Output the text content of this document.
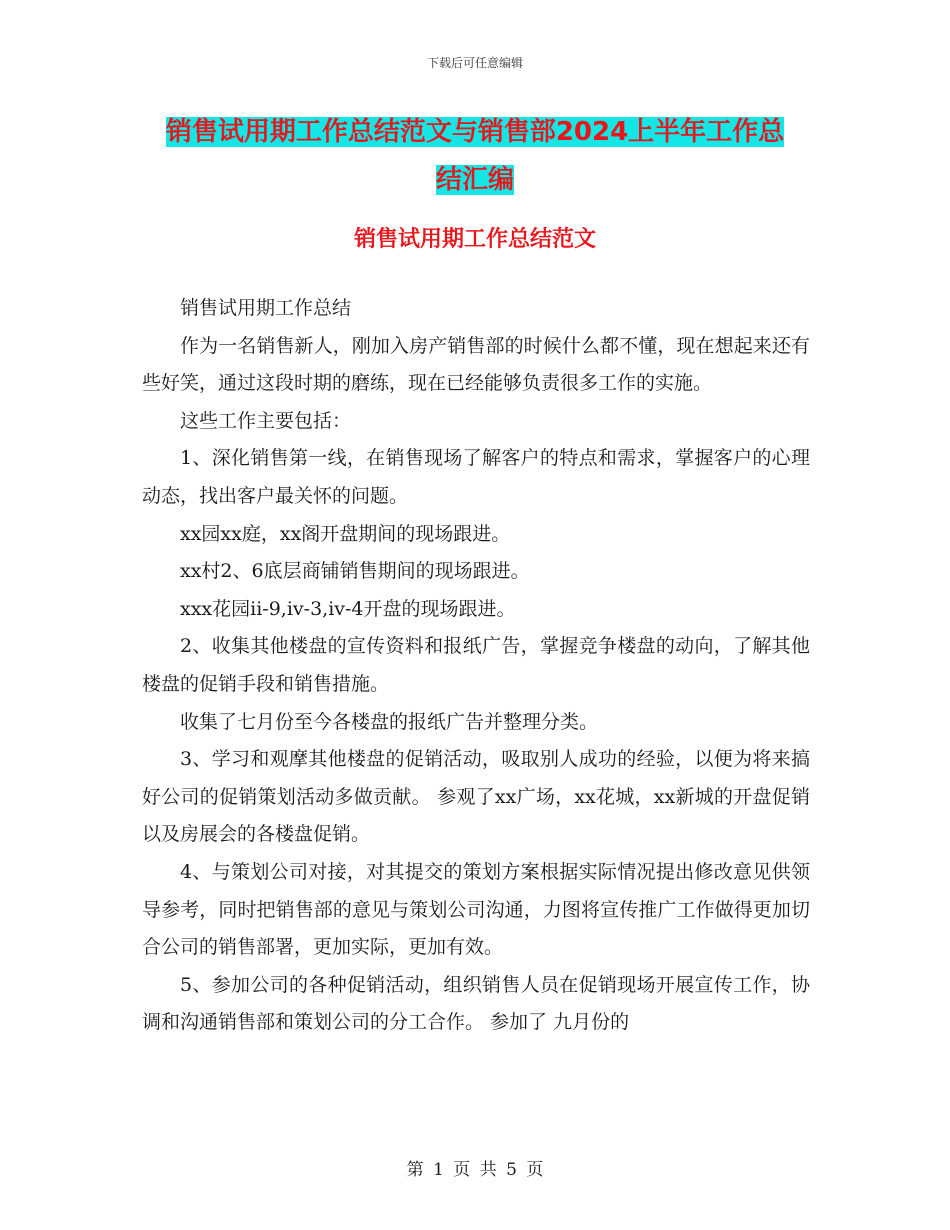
下载后可任意编辑
销售试用期工作总结范文与销售部2024上半年工作总
结汇编
销售试用期工作总结范文

销售试用期工作总结

作为一名销售新人，刚加入房产销售部的时候什么都不懂，现在想起来还有些好笑，通过这段时期的磨练，现在已经能够负责很多工作的实施。

这些工作主要包括：

1、深化销售第一线，在销售现场了解客户的特点和需求，掌握客户的心理动态，找出客户最关怀的问题。

xx园xx庭，xx阁开盘期间的现场跟进。

xx村2、6底层商铺销售期间的现场跟进。

xxx花园ii-9,iv-3,iv-4开盘的现场跟进。

2、收集其他楼盘的宣传资料和报纸广告，掌握竞争楼盘的动向，了解其他楼盘的促销手段和销售措施。

收集了七月份至今各楼盘的报纸广告并整理分类。

3、学习和观摩其他楼盘的促销活动，吸取别人成功的经验，以便为将来搞好公司的促销策划活动多做贡献。 参观了xx广场，xx花城，xx新城的开盘促销以及房展会的各楼盘促销。

4、与策划公司对接，对其提交的策划方案根据实际情况提出修改意见供领导参考，同时把销售部的意见与策划公司沟通，力图将宣传推广工作做得更加切合公司的销售部署，更加实际，更加有效。

5、参加公司的各种促销活动，组织销售人员在促销现场开展宣传工作，协调和沟通销售部和策划公司的分工合作。 参加了 九月份的

第 1 页 共 5 页
